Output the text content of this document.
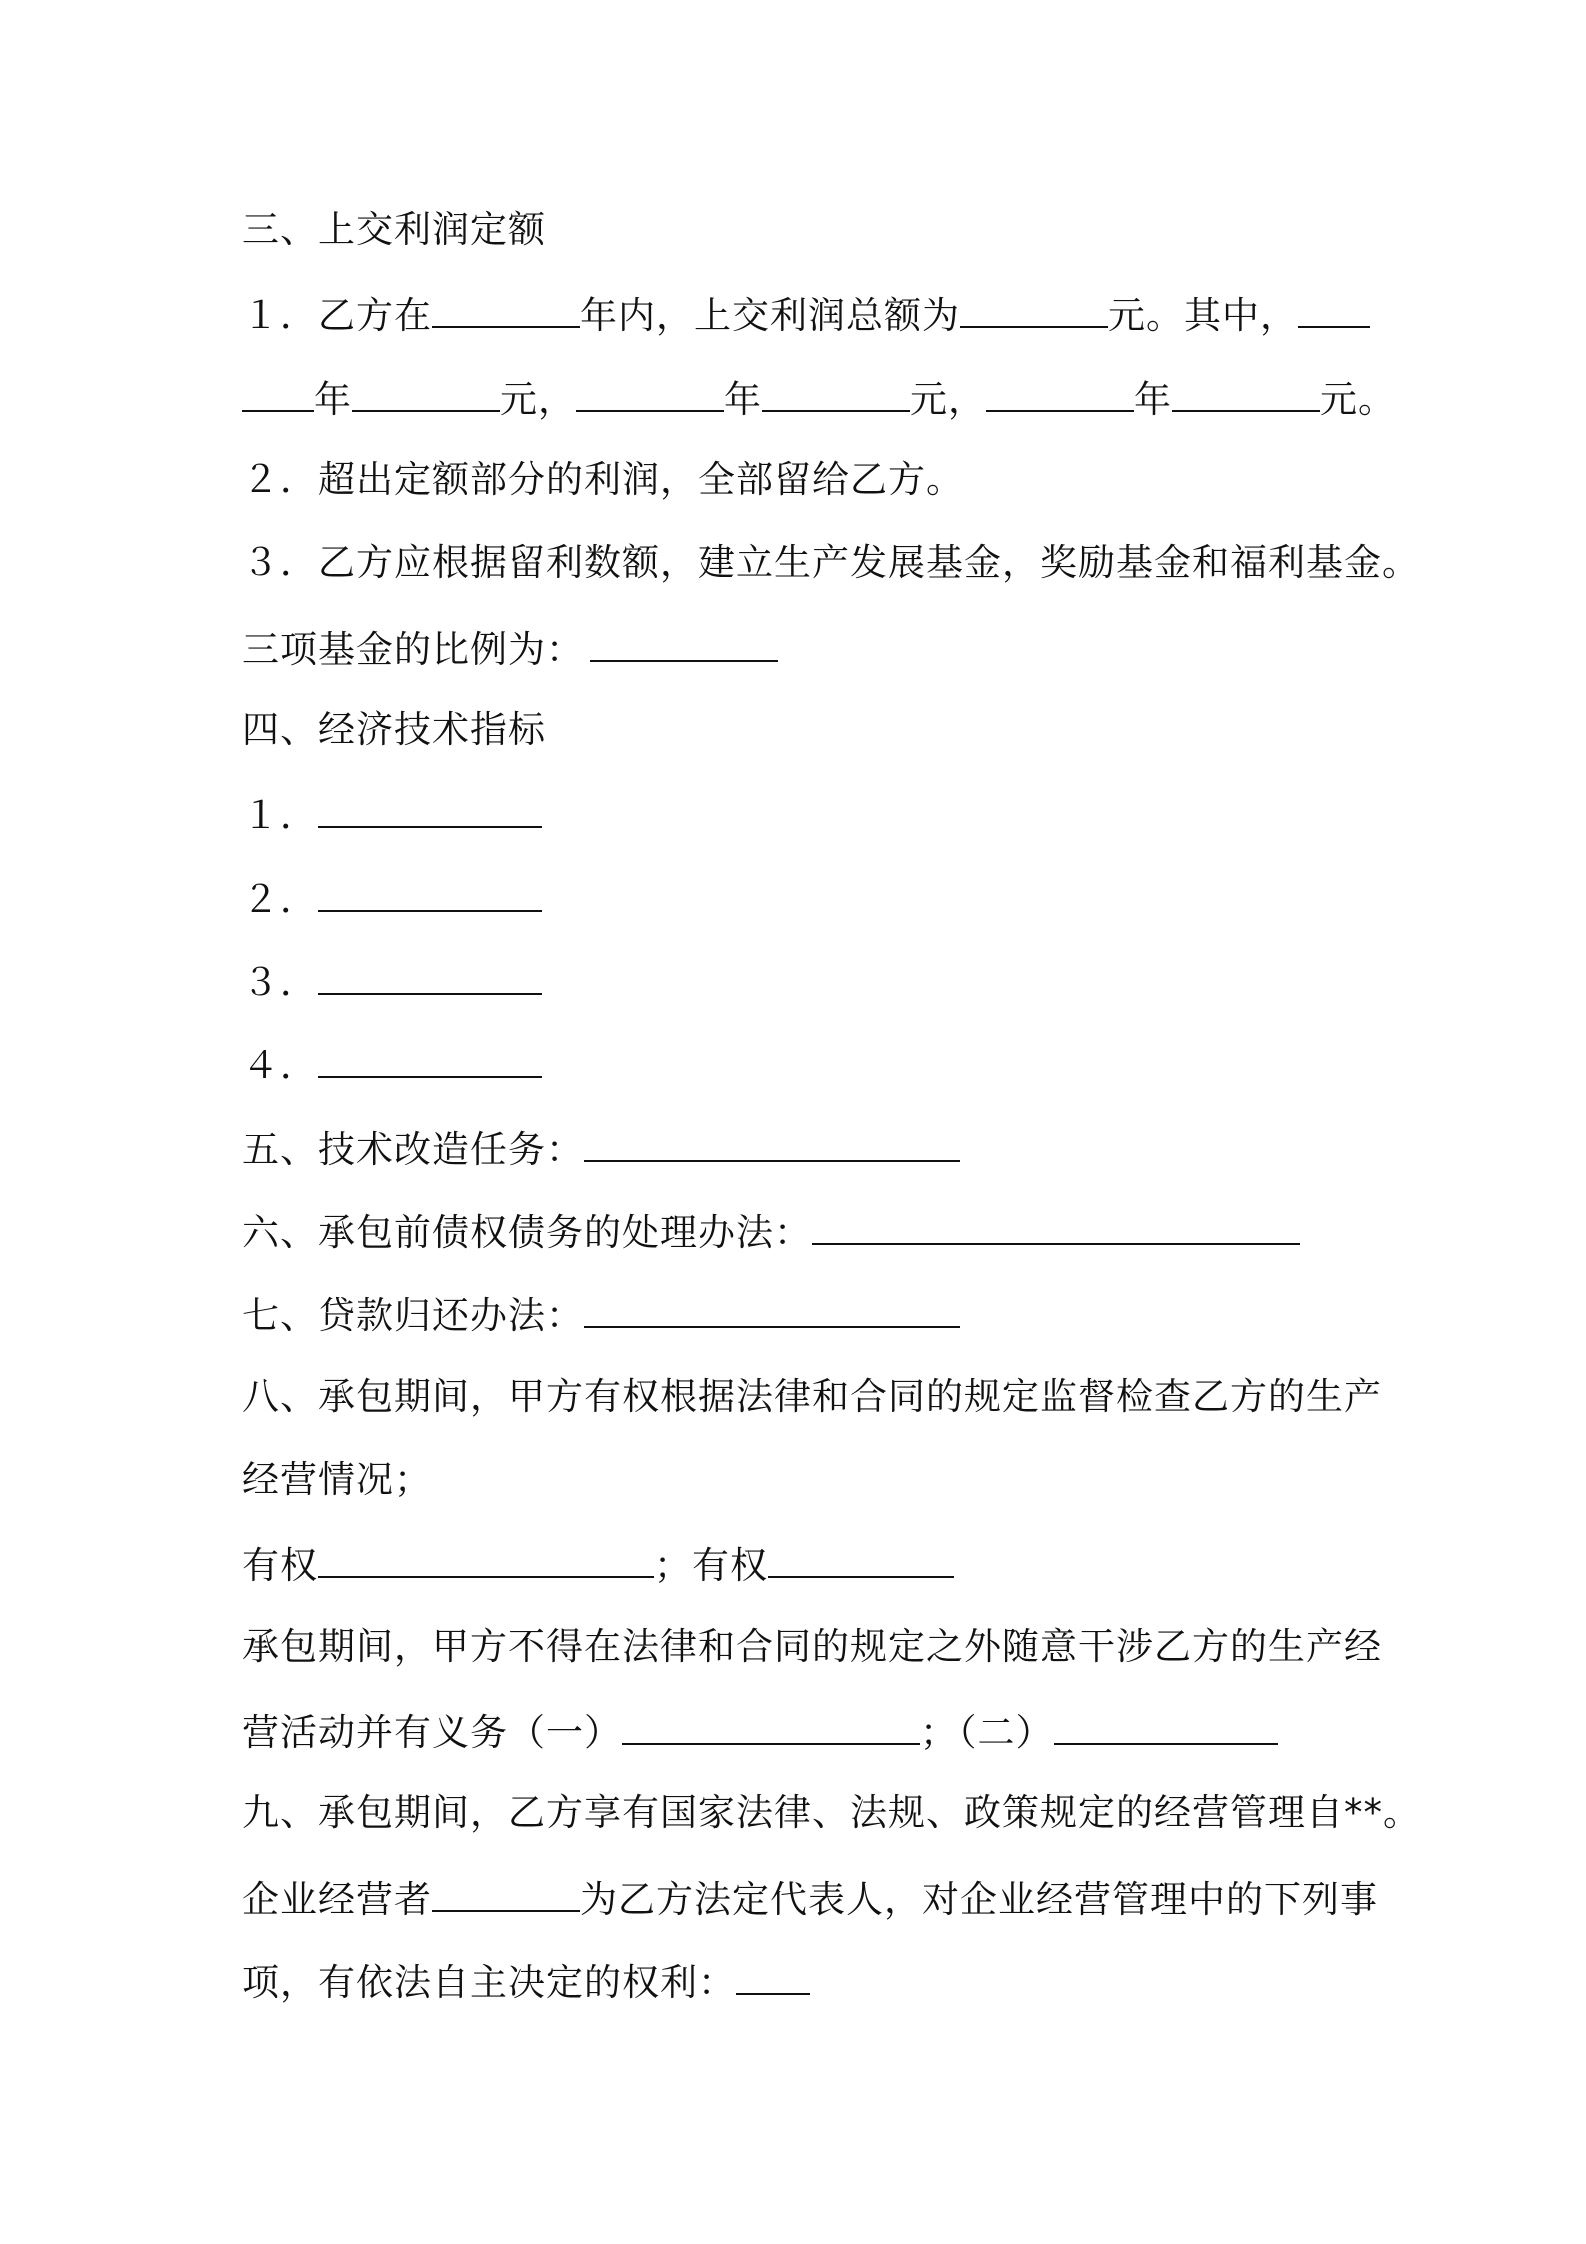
三、上交利润定额
１．乙方在	年内，上交利润总额为	元。其中，
年	元，	年	元，	年	元。
２．超出定额部分的利润，全部留给乙方。
３．乙方应根据留利数额，建立生产发展基金，奖励基金和福利基金。
三项基金的比例为：
四、经济技术指标
１．
２．
３．
４．
五、技术改造任务：
六、承包前债权债务的处理办法：
七、贷款归还办法：
八、承包期间，甲方有权根据法律和合同的规定监督检查乙方的生产
经营情况；
有权	；有权
承包期间，甲方不得在法律和合同的规定之外随意干涉乙方的生产经
营活动并有义务（一）	；（二）
九、承包期间，乙方享有国家法律、法规、政策规定的经营管理自**。
企业经营者	为乙方法定代表人，对企业经营管理中的下列事
项，有依法自主决定的权利：
